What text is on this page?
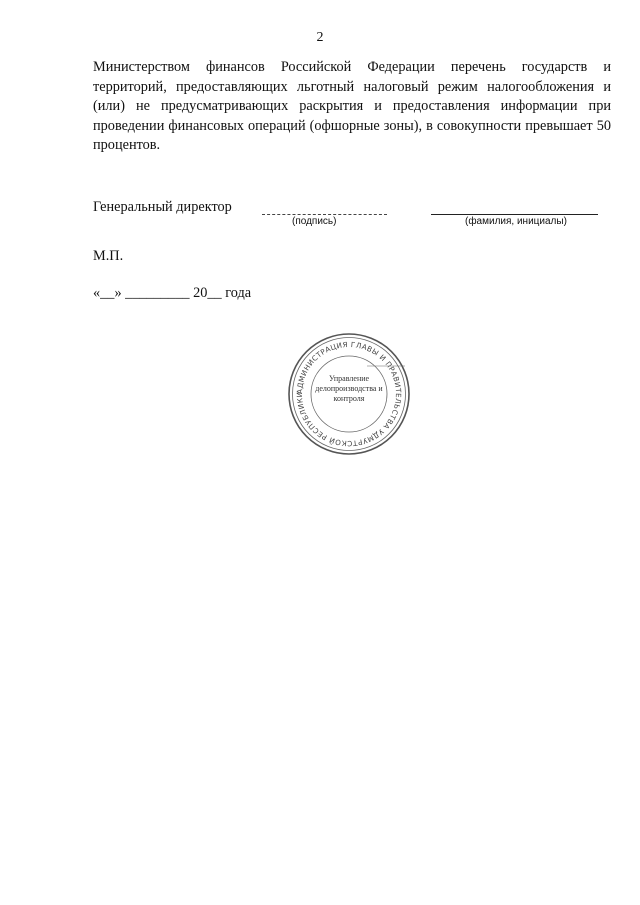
2
Министерством финансов Российской Федерации перечень государств и территорий, предоставляющих льготный налоговый режим налогообложения и (или) не предусматривающих раскрытия и предоставления информации при проведении финансовых операций (офшорные зоны), в совокупности превышает 50 процентов.
Генеральный директор
(подпись)	(фамилия, инициалы)
М.П.
«__» _________ 20__ года
АДМИНИСТРАЦИЯ ГЛАВЫ И ПРАВИТЕЛЬСТВА УДМУРТСКОЙ РЕСПУБЛИКИ
Управление делопроизводства и контроля
